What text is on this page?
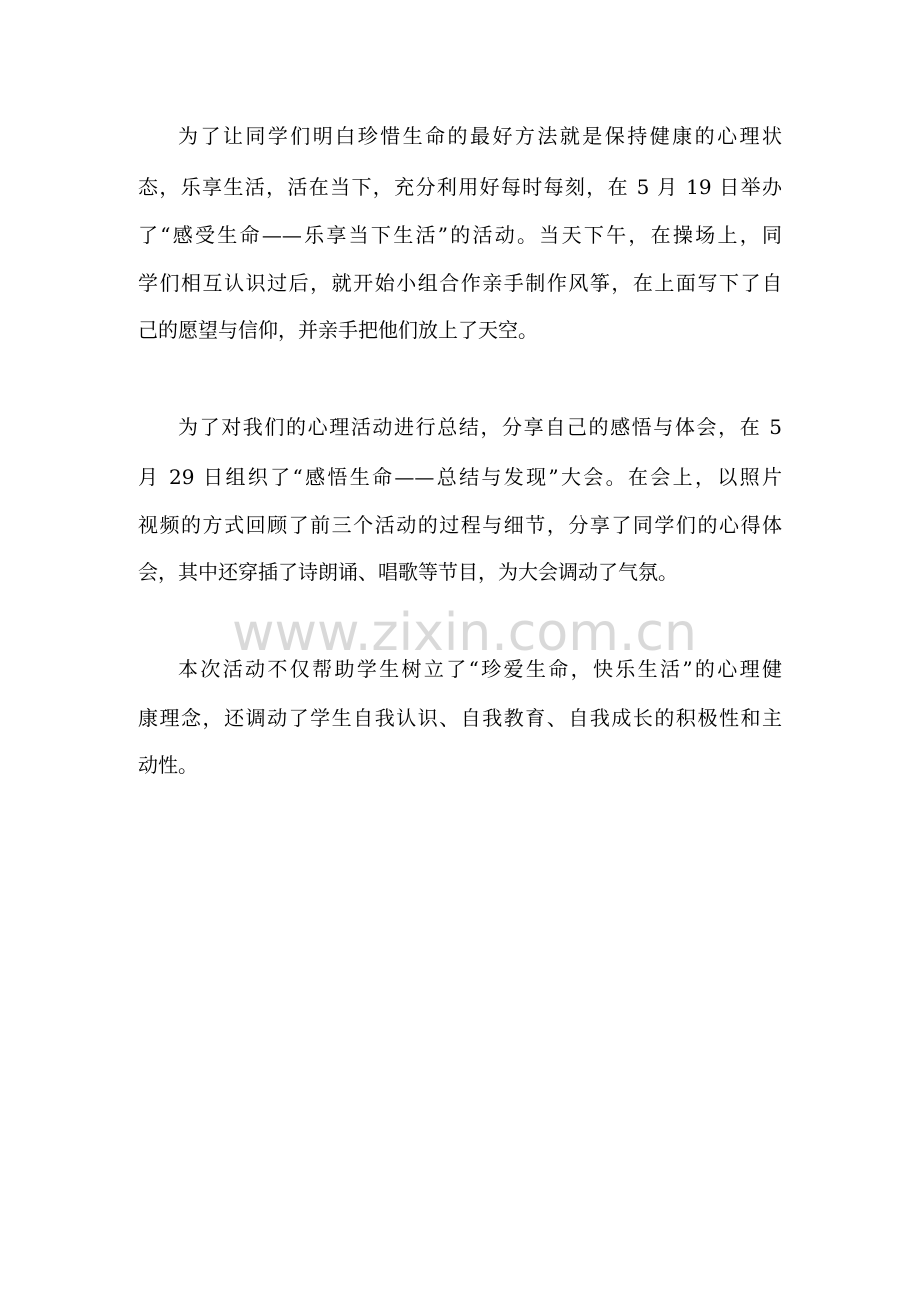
为了让同学们明白珍惜生命的最好方法就是保持健康的心理状

态，乐享生活，活在当下，充分利用好每时每刻，在 5 月 19 日举办

了“感受生命——乐享当下生活”的活动。当天下午，在操场上，同

学们相互认识过后，就开始小组合作亲手制作风筝，在上面写下了自

己的愿望与信仰，并亲手把他们放上了天空。

为了对我们的心理活动进行总结，分享自己的感悟与体会，在 5

月 29 日组织了“感悟生命——总结与发现”大会。在会上，以照片

视频的方式回顾了前三个活动的过程与细节，分享了同学们的心得体

会，其中还穿插了诗朗诵、唱歌等节目，为大会调动了气氛。

www.zixin.com.cn

本次活动不仅帮助学生树立了“珍爱生命，快乐生活”的心理健

康理念，还调动了学生自我认识、自我教育、自我成长的积极性和主

动性。
